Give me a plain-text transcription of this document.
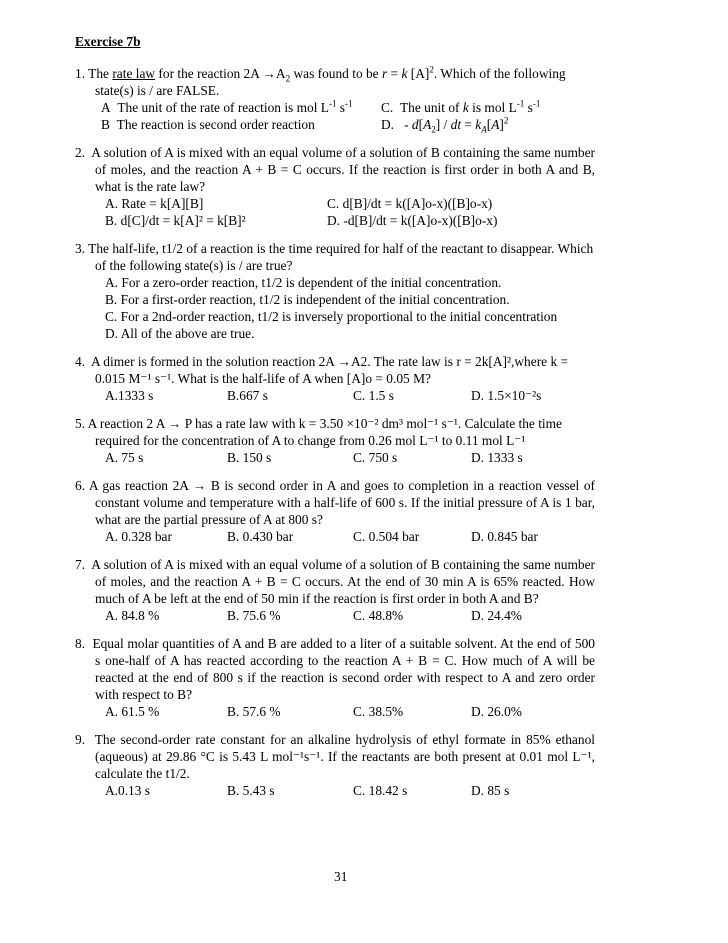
Exercise 7b
1. The rate law for the reaction $2A \to A_2$ was found to be r = k $[A]^2$. Which of the following state(s) is / are FALSE.
A The unit of the rate of reaction is mol $L^{-1}$ $s^{-1}$	C. The unit of k is mol $L^{-1}$ $s^{-1}$
B The reaction is second order reaction	D.   - $d[A_2]$ / dt = $k_A[A]^2$
2. A solution of A is mixed with an equal volume of a solution of B containing the same number of moles, and the reaction A + B = C occurs. If the reaction is first order in both A and B, what is the rate law?
A. Rate = k[A][B]	C. d[B]/dt = k([A]o-x)([B]o-x)
B. d[C]/dt = k[A]² = k[B]²	D. -d[B]/dt = k([A]o-x)([B]o-x)
3. The half-life, t1/2 of a reaction is the time required for half of the reactant to disappear. Which of the following state(s) is / are true?
A. For a zero-order reaction, t1/2 is dependent of the initial concentration.
B. For a first-order reaction, t1/2 is independent of the initial concentration.
C. For a 2nd-order reaction, t1/2 is inversely proportional to the initial concentration
D. All of the above are true.
4. A dimer is formed in the solution reaction 2A →A2. The rate law is r = 2k[A]²,where k = 0.015 M⁻¹ s⁻¹. What is the half-life of A when [A]o = 0.05 M?
A.1333 s	B.667 s	C. 1.5 s	D. 1.5×10⁻²s
5. A reaction 2 A → P has a rate law with k = 3.50 ×10⁻² dm³ mol⁻¹ s⁻¹. Calculate the time required for the concentration of A to change from 0.26 mol L⁻¹ to 0.11 mol L⁻¹
A. 75 s	B. 150 s	C. 750 s	D. 1333 s
6. A gas reaction 2A → B is second order in A and goes to completion in a reaction vessel of constant volume and temperature with a half-life of 600 s. If the initial pressure of A is 1 bar, what are the partial pressure of A at 800 s?
A. 0.328 bar	B. 0.430 bar	C. 0.504 bar	D. 0.845 bar
7. A solution of A is mixed with an equal volume of a solution of B containing the same number of moles, and the reaction A + B = C occurs. At the end of 30 min A is 65% reacted. How much of A be left at the end of 50 min if the reaction is first order in both A and B?
A. 84.8 %	B. 75.6 %	C. 48.8%	D. 24.4%
8. Equal molar quantities of A and B are added to a liter of a suitable solvent. At the end of 500 s one-half of A has reacted according to the reaction A + B = C. How much of A will be reacted at the end of 800 s if the reaction is second order with respect to A and zero order with respect to B?
A. 61.5 %	B. 57.6 %	C. 38.5%	D. 26.0%
9. The second-order rate constant for an alkaline hydrolysis of ethyl formate in 85% ethanol (aqueous) at 29.86 °C is 5.43 L mol⁻¹s⁻¹. If the reactants are both present at 0.01 mol L⁻¹, calculate the t1/2.
A.0.13 s	B. 5.43 s	C. 18.42 s	D. 85 s
31
